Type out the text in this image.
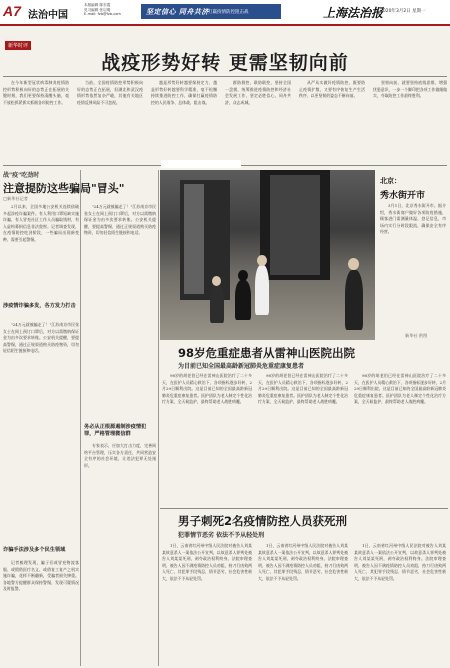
A7 法治中国
本版编辑 陈东霞
见习编辑 张启明
E-mail: fzb@fzb.com	坚定信心 同舟共济 打赢疫情防控阻击战	上海法治报
2020年3月2日 星期一
新华时评
战疫形势好转 更需坚韧向前

在今年新型冠状病毒肺炎疫情防控形势积极向好的态势正在拓展的关键时刻，我们更要保持清醒头脑，毫不放松抓紧抓实抓细各项防控工作。

当前，全国疫情防控形势积极向好的态势正在拓展，但湖北和武汉疫情形势依然复杂严峻，其他有关地区疫情反弹风险不可忽视。

越是形势好转越要保持定力，越是形势好转越要科学精准，毫不松懈持续推进防控工作，确保打赢疫情防控的人民战争、总体战、阻击战。

群防群控、联防联控，坚持全国一盘棋，统筹推进疫情防控和经济社会发展工作，坚定必胜信心，同舟共济，众志成城。

从严从实做好疫情防控，既要防止疫情扩散，又要有序恢复生产生活秩序，以更坚韧的姿态不断向前。

坚韧向前，就要坚持底线思维，增强忧患意识，一步一个脚印把各项工作做细做实，夺取防控工作最终胜利。

战"疫"吃劲时
注意提防这些骗局"冒头"
□新华社记者

2月以来，全国多地公安机关连续侦破多起涉疫诈骗案件。有人利用口罩短缺实施诈骗，有人冒充社区工作人员骗取钱财，有人虚构募捐信息非法敛财。记者调查发现，在疫情防控吃劲阶段，一些骗局出现新变种，需要引起警惕。

涉疫情诈骗多发，各方发力打击

"24万元就被骗走了！"江苏南京市民张女士在网上预订口罩后，对方以需缴纳保证金为由多次要求转账。公安机关提醒，要提高警惕，通过正规渠道购买防疫物资，切勿轻信陌生链接和电话。

诈骗手法涉及多个民生领域

记者梳理发现，骗子们或冒充物流客服、或假借医疗名义、或借复工复产之机实施诈骗，花样不断翻新，受骗者损失惨重。各地警方提醒群众保持警惕，发现可疑情况及时报警。

"24万元就被骗走了！"江苏南京市民张女士在网上预订口罩后，对方以需缴纳保证金为由多次要求转账。公安机关提醒，要提高警惕，通过正规渠道购买防疫物资，切勿轻信陌生链接和电话。

务必从正根源遏制涉疫情犯罪，严格管理微信群

专家表示，应加大打击力度，完善网络平台管理，压实各方责任，共同营造安全有序的社会环境，让违法犯罪无处遁形。

北京：
秀水街开市

3月1日，北京秀水街开市。据介绍，秀水街商户做好各项防疫措施，顾客进门需测量体温、登记信息，市场内实行分时段限流，确保安全有序经营。

新华社 供图
98岁危重症患者从雷神山医院出院
为目前已知全国最高龄新冠肺炎危重症康复患者

98岁的胡老伯已经在雷神山医院治疗了二十多天，在医护人员精心救治下，各项指标逐步好转，2月29日顺利出院。这是目前已知的全国最高龄新冠肺炎危重症康复患者。医护团队为老人制定个性化治疗方案，全天候监护，最终帮助老人战胜病魔。

98岁的胡老伯已经在雷神山医院治疗了二十多天，在医护人员精心救治下，各项指标逐步好转，2月29日顺利出院。这是目前已知的全国最高龄新冠肺炎危重症康复患者。医护团队为老人制定个性化治疗方案，全天候监护，最终帮助老人战胜病魔。

98岁的胡老伯已经在雷神山医院治疗了二十多天，在医护人员精心救治下，各项指标逐步好转，2月29日顺利出院。这是目前已知的全国最高龄新冠肺炎危重症康复患者。医护团队为老人制定个性化治疗方案，全天候监护，最终帮助老人战胜病魔。

男子刺死2名疫情防控人员获死刑
犯罪情节恶劣 依法不予从轻处刑

1日，云南省红河州中级人民法院对被告人刘某某故意杀人一案依法公开宣判，以故意杀人罪判处被告人刘某某死刑，剥夺政治权利终身。法院审理查明，被告人因不满疫情防控人员劝阻，持刀行凶致两人死亡，其犯罪手段残忍，情节恶劣，社会危害性极大，依法不予从轻处罚。

1日，云南省红河州中级人民法院对被告人刘某某故意杀人一案依法公开宣判，以故意杀人罪判处被告人刘某某死刑，剥夺政治权利终身。法院审理查明，被告人因不满疫情防控人员劝阻，持刀行凶致两人死亡，其犯罪手段残忍，情节恶劣，社会危害性极大，依法不予从轻处罚。

1日，云南省红河州中级人民法院对被告人刘某某故意杀人一案依法公开宣判，以故意杀人罪判处被告人刘某某死刑，剥夺政治权利终身。法院审理查明，被告人因不满疫情防控人员劝阻，持刀行凶致两人死亡，其犯罪手段残忍，情节恶劣，社会危害性极大，依法不予从轻处罚。
